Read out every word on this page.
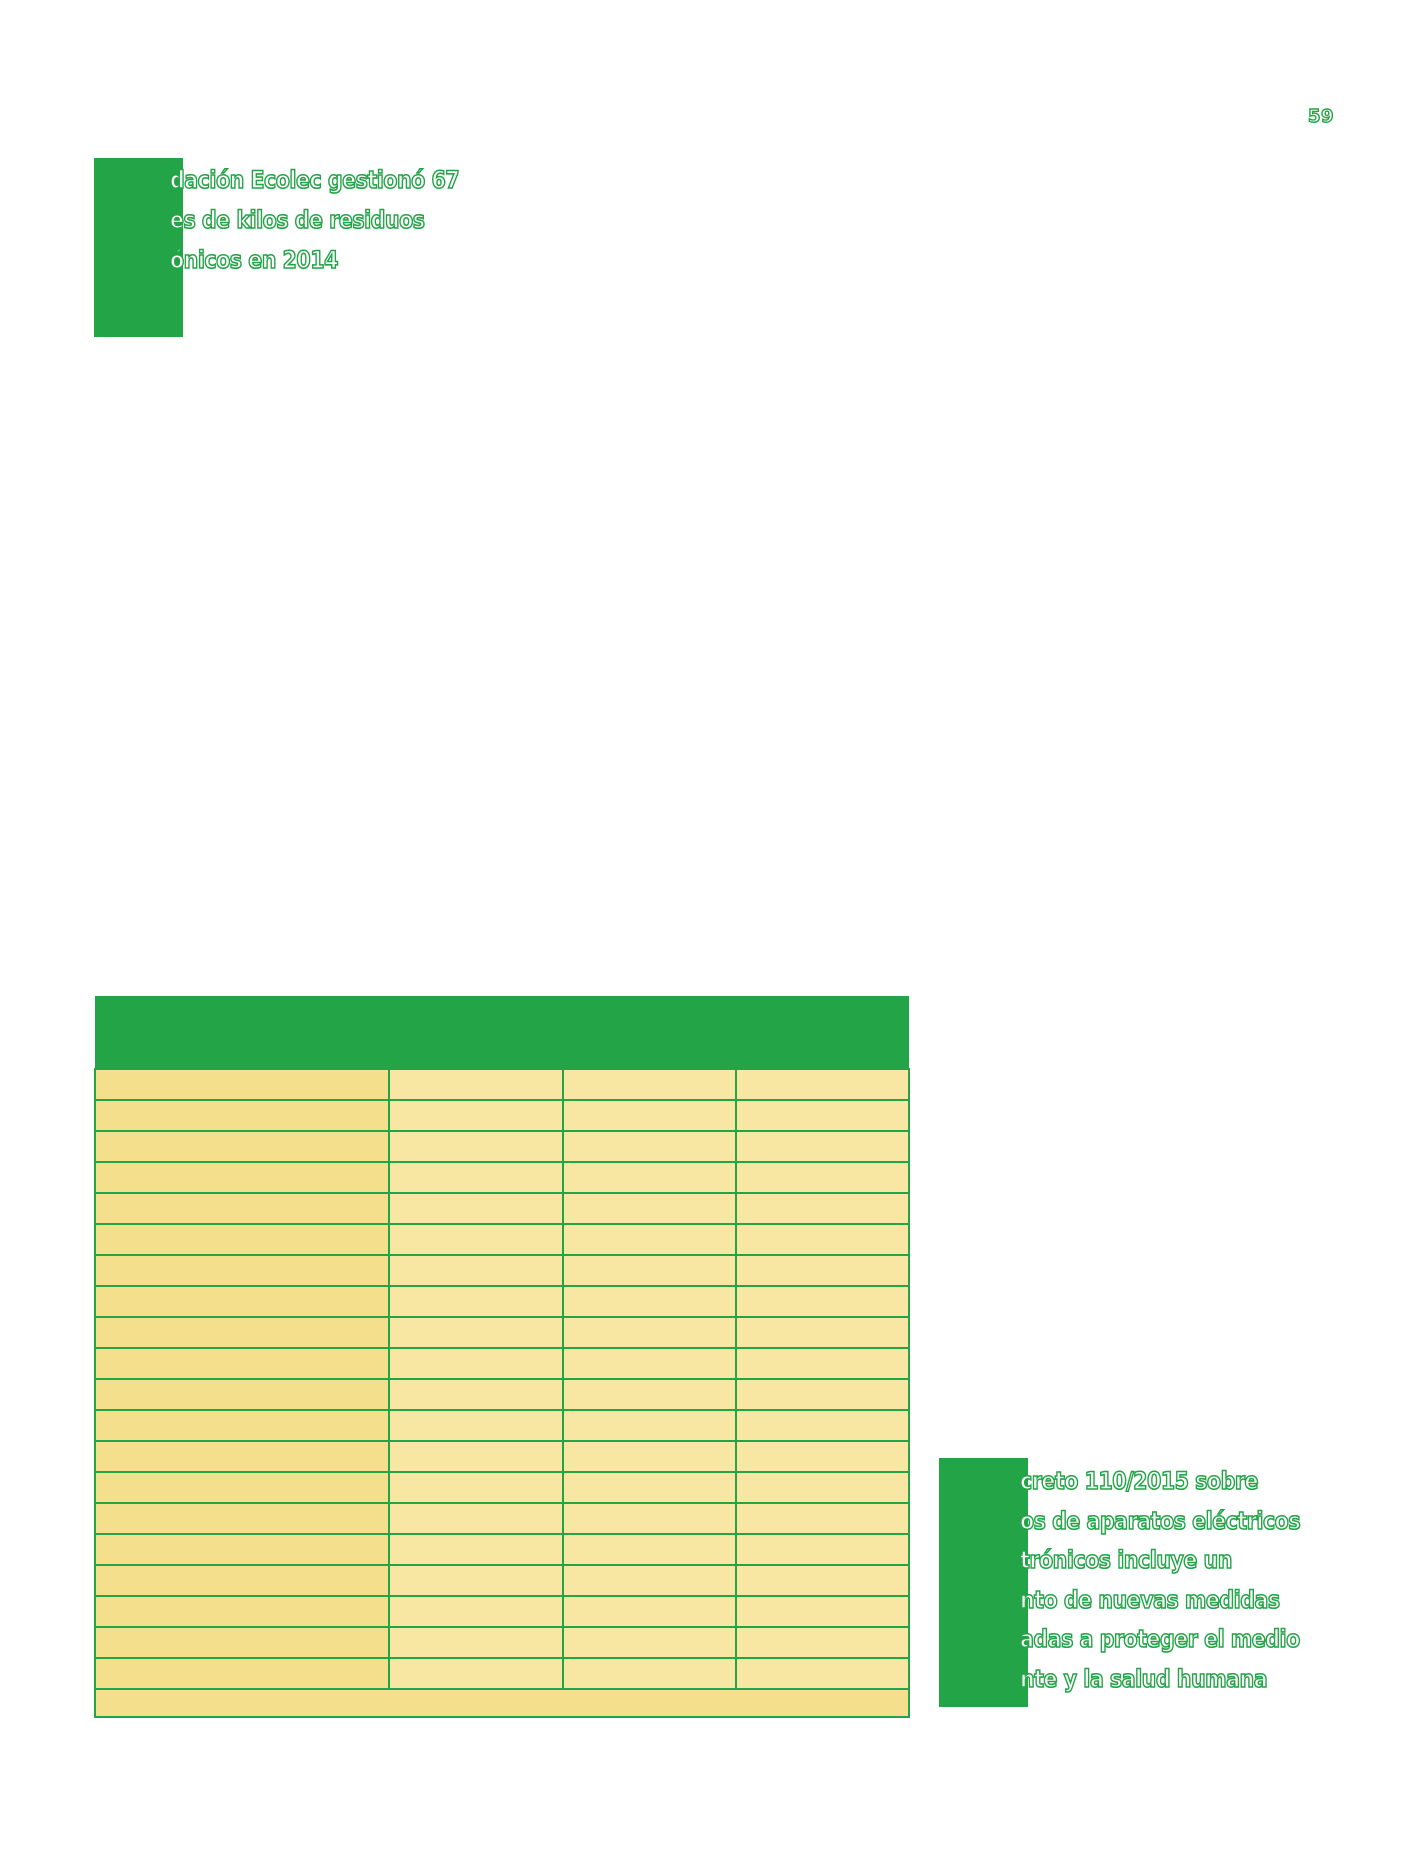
59
dación Ecolec gestionó 67
es de kilos de residuos
ónicos en 2014

creto 110/2015 sobre
os de aparatos eléctricos
trónicos incluye un
nto de nuevas medidas
adas a proteger el medio
nte y la salud humana
